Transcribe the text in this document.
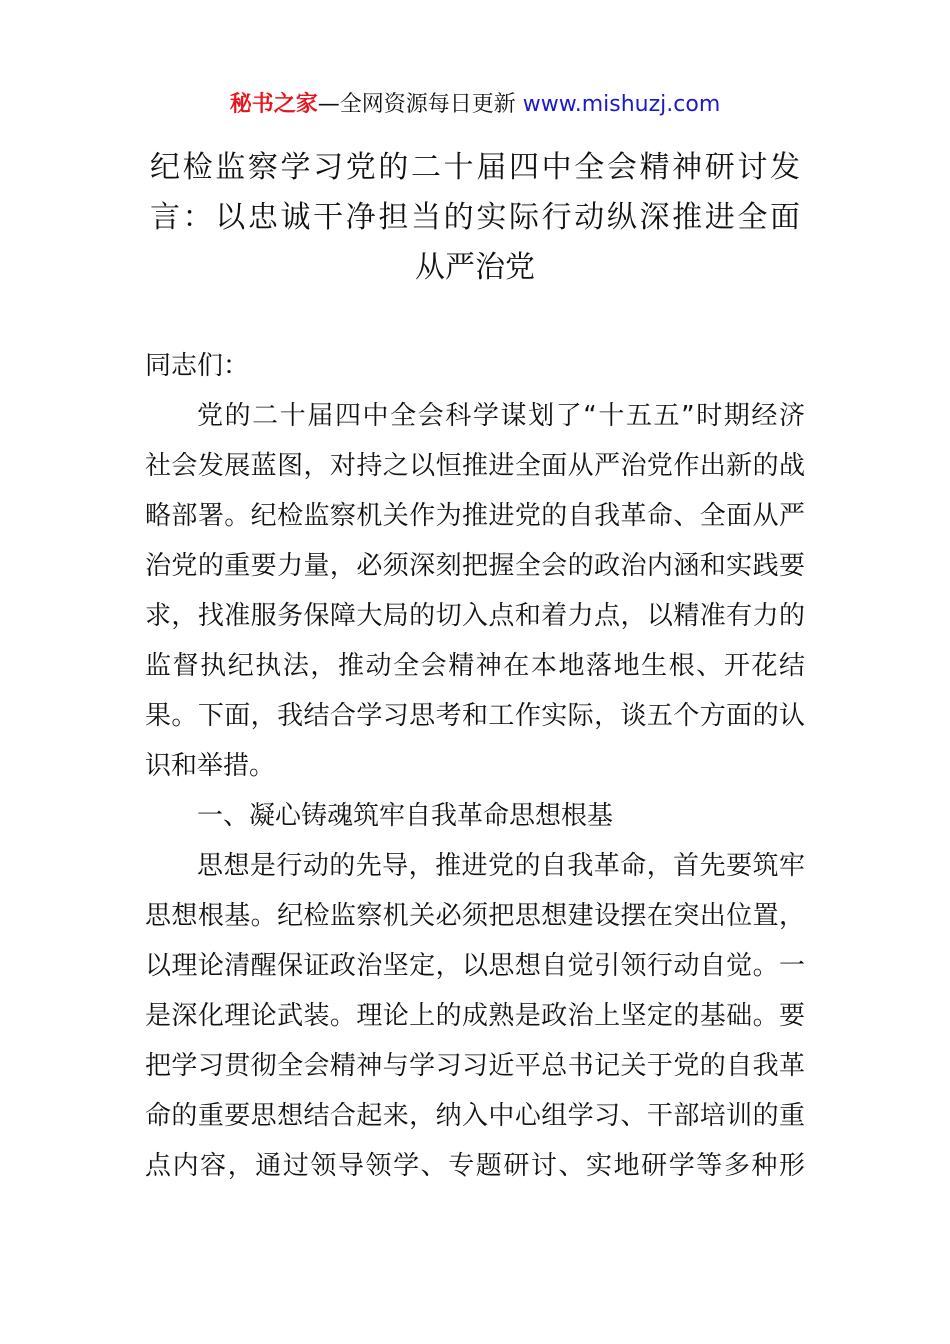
秘书之家—全网资源每日更新 www.mishuzj.com
纪检监察学习党的二十届四中全会精神研讨发
言：以忠诚干净担当的实际行动纵深推进全面
从严治党
同志们：
党的二十届四中全会科学谋划了“十五五”时期经济
社会发展蓝图，对持之以恒推进全面从严治党作出新的战
略部署。纪检监察机关作为推进党的自我革命、全面从严
治党的重要力量，必须深刻把握全会的政治内涵和实践要
求，找准服务保障大局的切入点和着力点，以精准有力的
监督执纪执法，推动全会精神在本地落地生根、开花结
果。下面，我结合学习思考和工作实际，谈五个方面的认
识和举措。
一、凝心铸魂筑牢自我革命思想根基
思想是行动的先导，推进党的自我革命，首先要筑牢
思想根基。纪检监察机关必须把思想建设摆在突出位置，
以理论清醒保证政治坚定，以思想自觉引领行动自觉。一
是深化理论武装。理论上的成熟是政治上坚定的基础。要
把学习贯彻全会精神与学习习近平总书记关于党的自我革
命的重要思想结合起来，纳入中心组学习、干部培训的重
点内容，通过领导领学、专题研讨、实地研学等多种形
